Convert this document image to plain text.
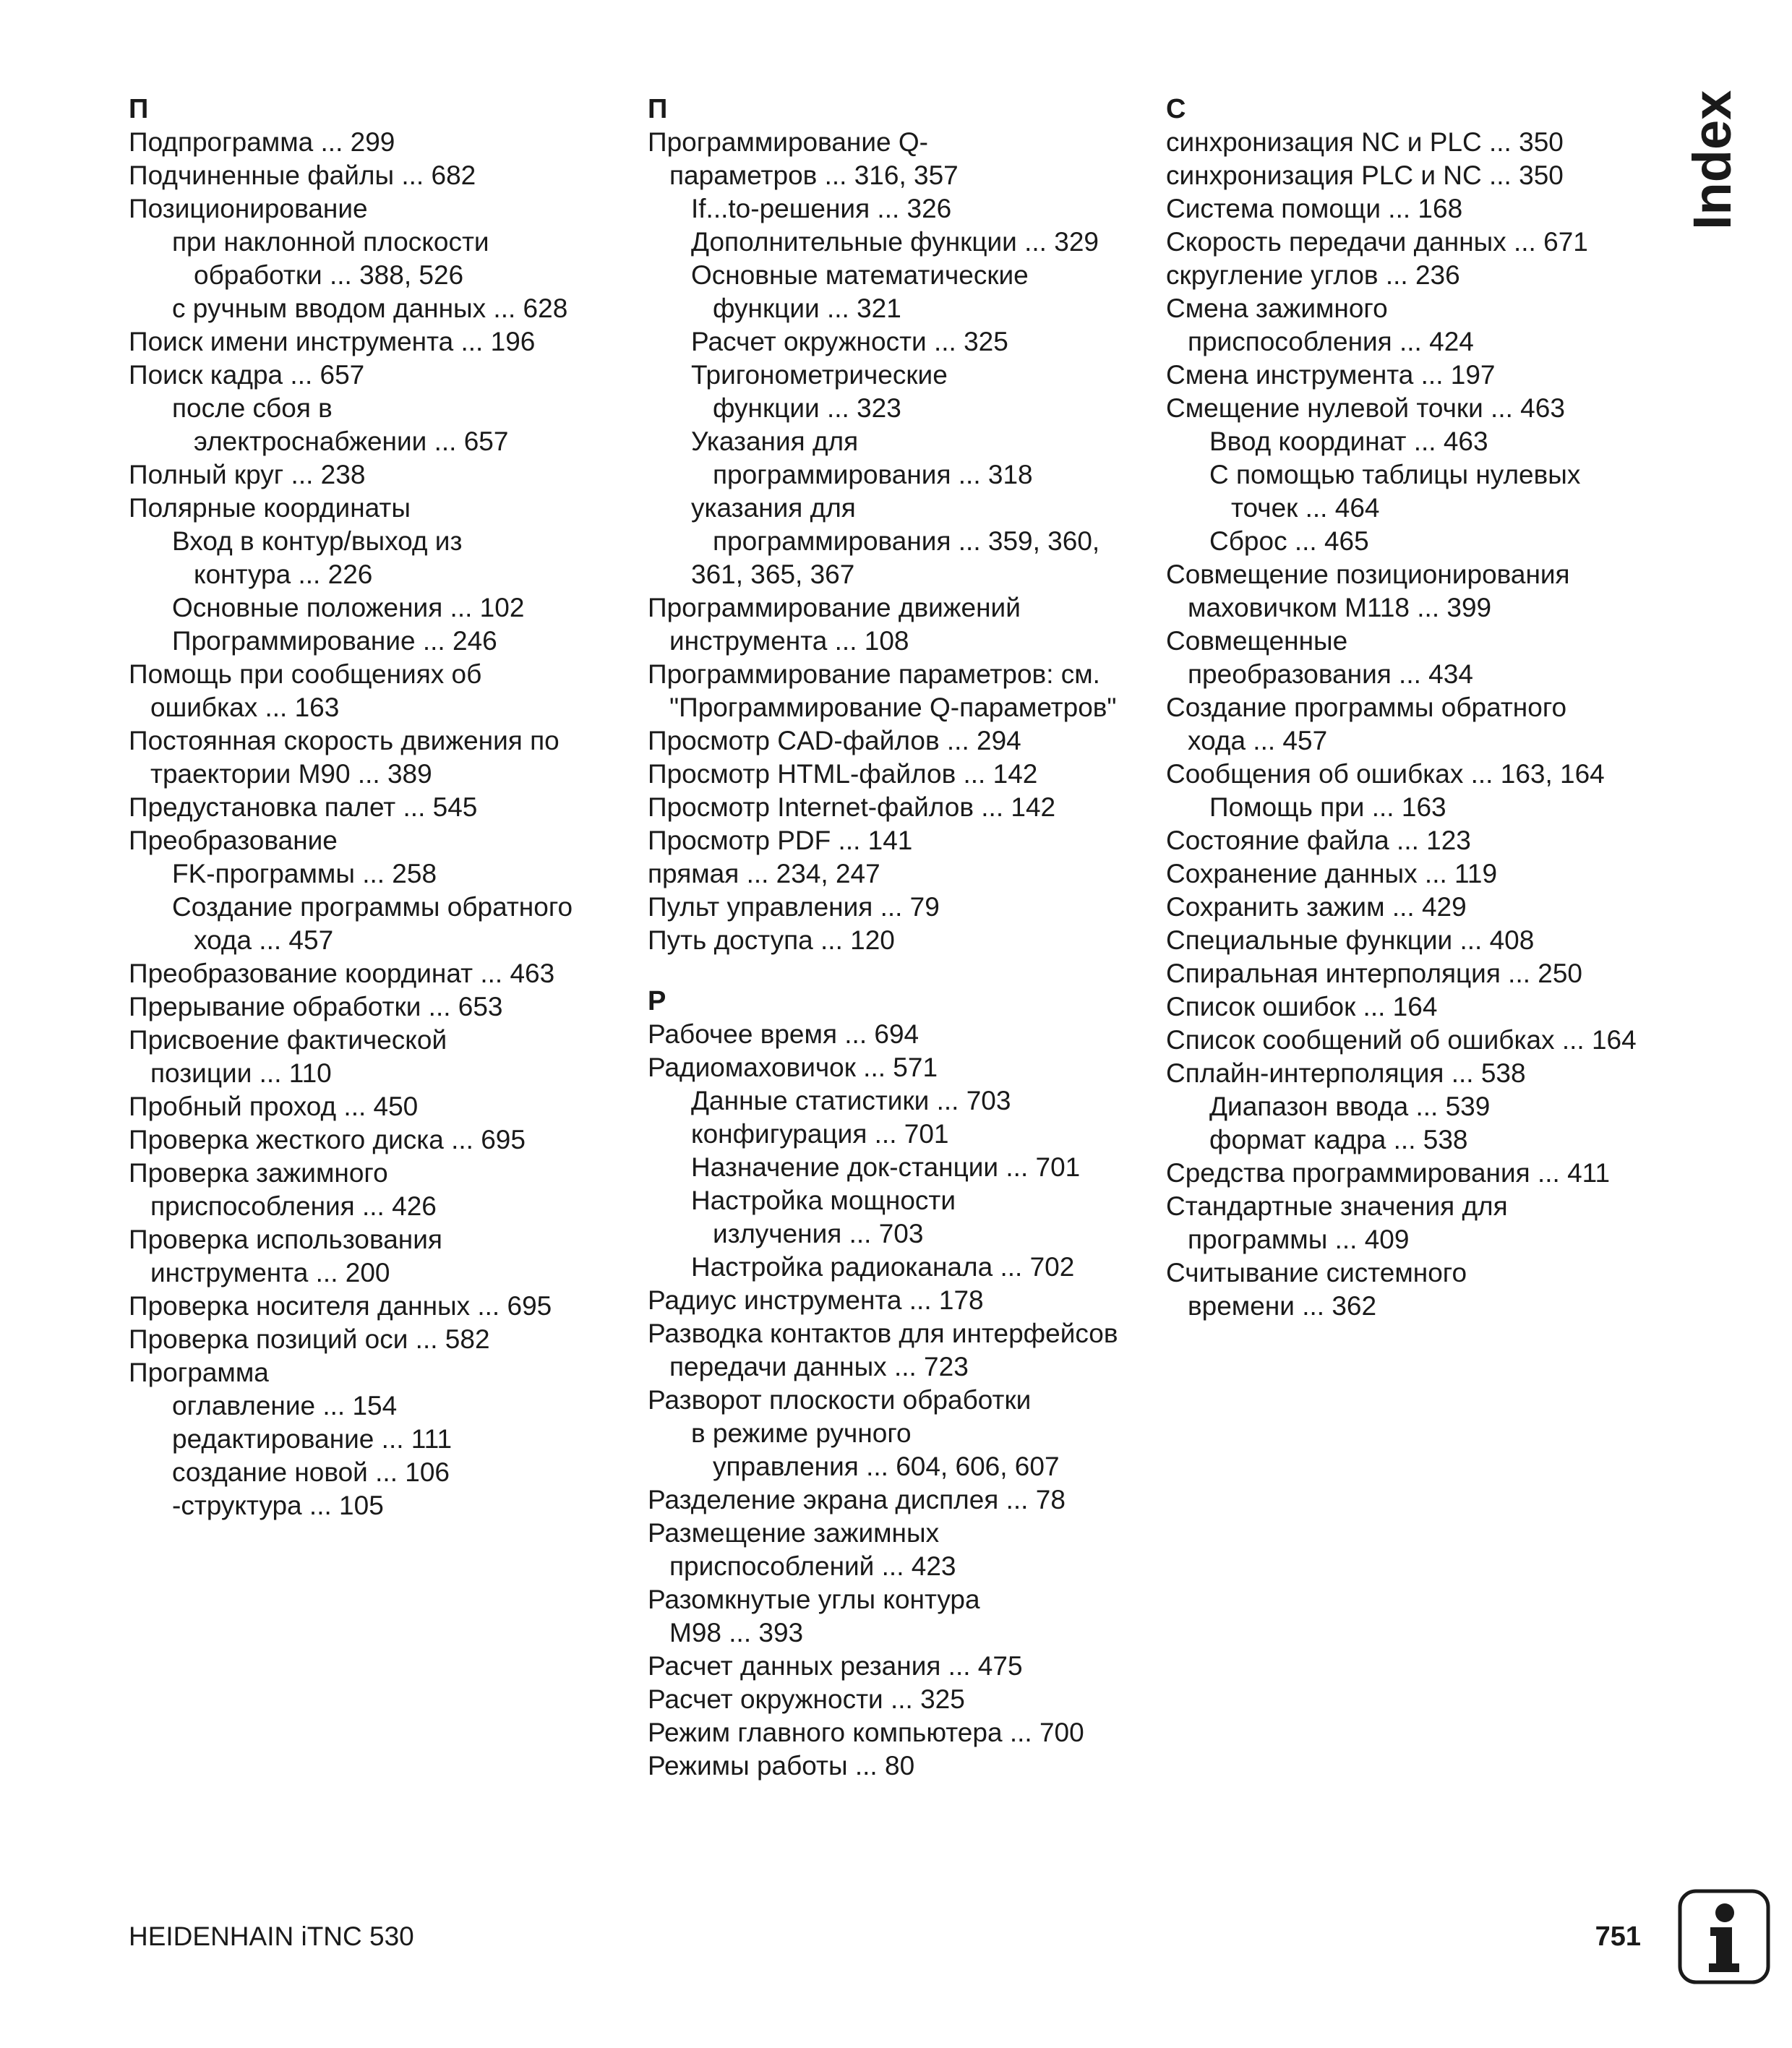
П
Подпрограмма ... 299
Подчиненные файлы ... 682
Позиционирование
при наклонной плоскости
обработки ... 388, 526
с ручным вводом данных ... 628
Поиск имени инструмента ... 196
Поиск кадра ... 657
после сбоя в
электроснабжении ... 657
Полный круг ... 238
Полярные координаты
Вход в контур/выход из
контура ... 226
Основные положения ... 102
Программирование ... 246
Помощь при сообщениях об
ошибках ... 163
Постоянная скорость движения по
траектории M90 ... 389
Предустановка палет ... 545
Преобразование
FK-программы ... 258
Создание программы обратного
хода ... 457
Преобразование координат ... 463
Прерывание обработки ... 653
Присвоение фактической
позиции ... 110
Пробный проход ... 450
Проверка жесткого диска ... 695
Проверка зажимного
приспособления ... 426
Проверка использования
инструмента ... 200
Проверка носителя данных ... 695
Проверка позиций оси ... 582
Программа
оглавление ... 154
редактирование ... 111
создание новой ... 106
-структура ... 105
П
Программирование Q-
параметров ... 316, 357
If...to-решения ... 326
Дополнительные функции ... 329
Основные математические
функции ... 321
Расчет окружности ... 325
Тригонометрические
функции ... 323
Указания для
программирования ... 318
указания для
программирования ... 359, 360,
361, 365, 367
Программирование движений
инструмента ... 108
Программирование параметров: см.
"Программирование Q-параметров"
Просмотр CAD-файлов ... 294
Просмотр HTML-файлов ... 142
Просмотр Internet-файлов ... 142
Просмотр PDF ... 141
прямая ... 234, 247
Пульт управления ... 79
Путь доступа ... 120
P
Рабочее время ... 694
Радиомаховичок ... 571
Данные статистики ... 703
конфигурация ... 701
Назначение док-станции ... 701
Настройка мощности
излучения ... 703
Настройка радиоканала ... 702
Радиус инструмента ... 178
Разводка контактов для интерфейсов
передачи данных ... 723
Разворот плоскости обработки
в режиме ручного
управления ... 604, 606, 607
Разделение экрана дисплея ... 78
Размещение зажимных
приспособлений ... 423
Разомкнутые углы контура
M98 ... 393
Расчет данных резания ... 475
Расчет окружности ... 325
Режим главного компьютера ... 700
Режимы работы ... 80
С
синхронизация NC и PLC ... 350
синхронизация PLC и NC ... 350
Система помощи ... 168
Скорость передачи данных ... 671
скругление углов ... 236
Смена зажимного
приспособления ... 424
Смена инструмента ... 197
Смещение нулевой точки ... 463
Ввод координат ... 463
С помощью таблицы нулевых
точек ... 464
Сброс ... 465
Совмещение позиционирования
маховичком M118 ... 399
Совмещенные
преобразования ... 434
Создание программы обратного
хода ... 457
Сообщения об ошибках ... 163, 164
Помощь при ... 163
Состояние файла ... 123
Сохранение данных ... 119
Сохранить зажим ... 429
Специальные функции ... 408
Спиральная интерполяция ... 250
Список ошибок ... 164
Список сообщений об ошибках ... 164
Сплайн-интерполяция ... 538
Диапазон ввода ... 539
формат кадра ... 538
Средства программирования ... 411
Стандартные значения для
программы ... 409
Считывание системного
времени ... 362
Index
HEIDENHAIN iTNC 530	751
